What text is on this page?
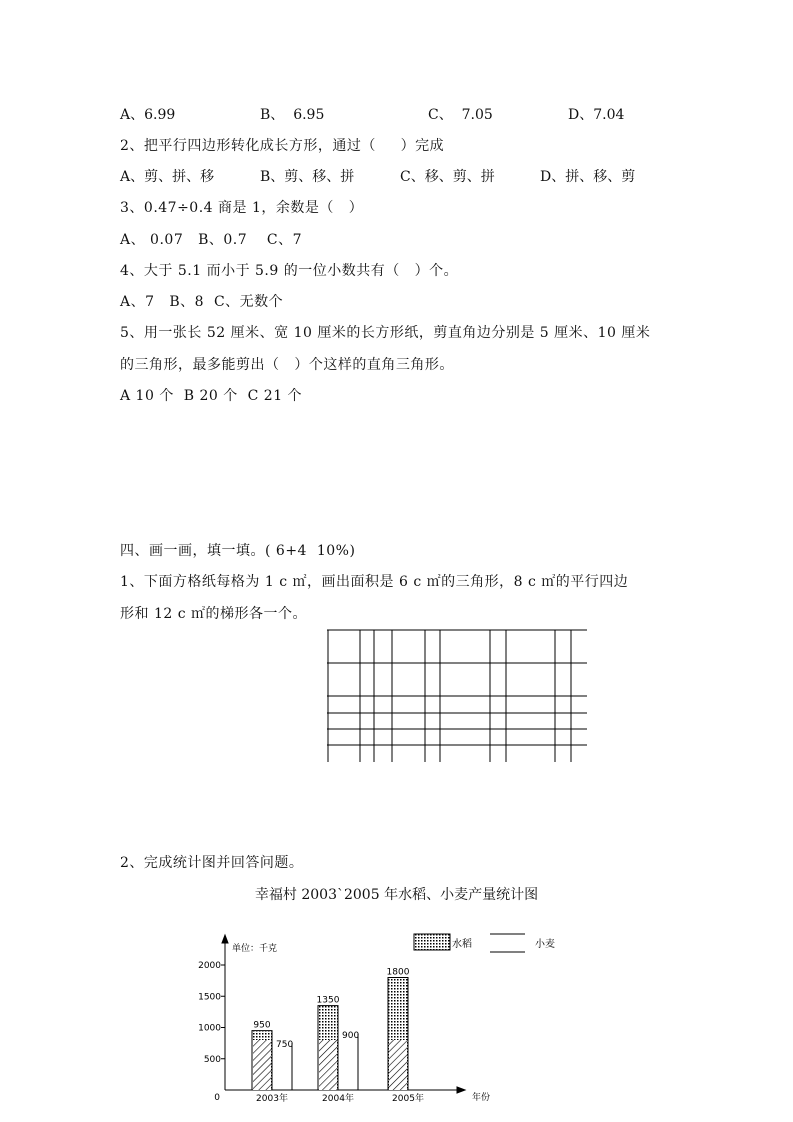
A、6.99	B、  6.95	C、  7.05	D、7.04
2、把平行四边形转化成长方形，通过（     ）完成
A、剪、拼、移	B、剪、移、拼	C、移、剪、拼	D、拼、移、剪
3、0.47÷0.4 商是 1，余数是（   ）
A、 0.07   B、0.7    C、7
4、大于 5.1 而小于 5.9 的一位小数共有（   ）个。
A、7   B、8  C、无数个
5、用一张长 52 厘米、宽 10 厘米的长方形纸，剪直角边分别是 5 厘米、10 厘米
的三角形，最多能剪出（   ）个这样的直角三角形。
A 10 个  B 20 个  C 21 个
四、画一画，填一填。( 6+4  10%)
1、下面方格纸每格为 1 c ㎡，画出面积是 6 c ㎡的三角形，8 c ㎡的平行四边
形和 12 c ㎡的梯形各一个。
2、完成统计图并回答问题。
幸福村 2003ˋ2005 年水稻、小麦产量统计图
单位：千克
0	年份
水稻	小麦
500
1000
1500
2000
950
750
2003年
1350
900
2004年
1800
2005年
